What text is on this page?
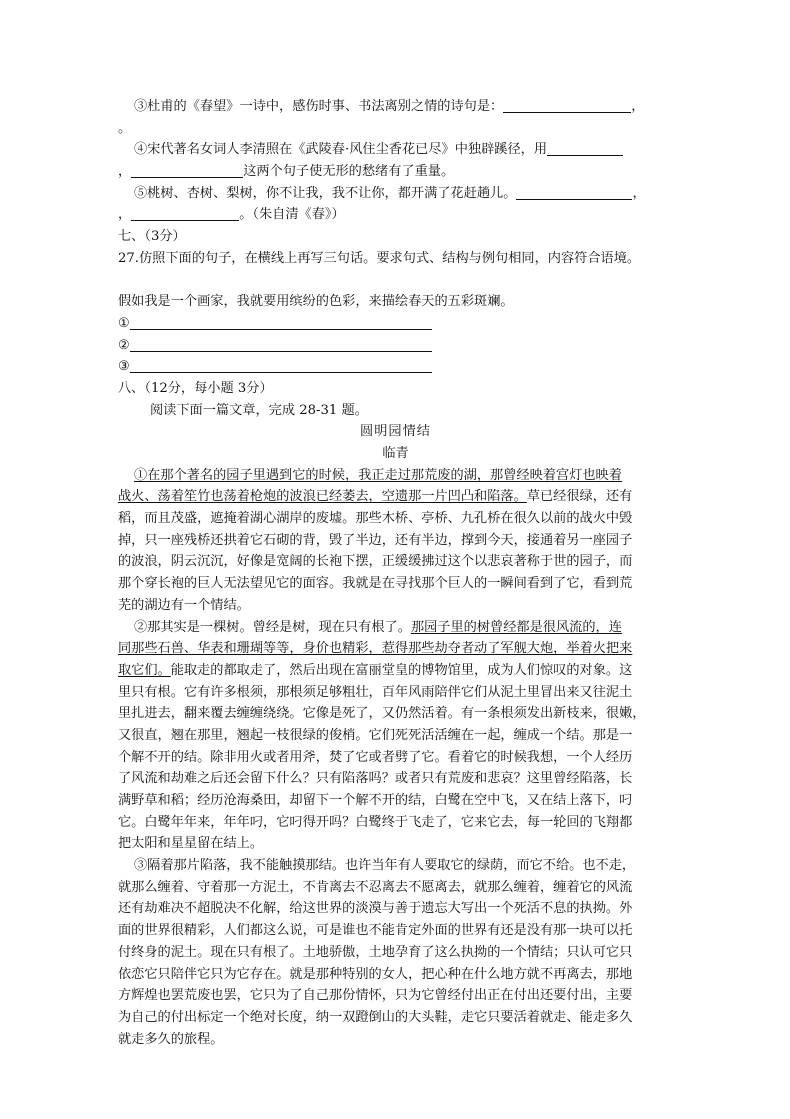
③杜甫的《春望》一诗中，感伤时事、书法离别之情的诗句是：	，
。
④宋代著名女词人李清照在《武陵春·风住尘香花已尽》中独辟蹊径，用
，	这两个句子使无形的愁绪有了重量。
⑤桃树、杏树、梨树，你不让我，我不让你，都开满了花赶趟儿。	，
，	。（朱自清《春》）
七、（3分）
27.仿照下面的句子，在横线上再写三句话。要求句式、结构与例句相同，内容符合语境。
假如我是一个画家，我就要用缤纷的色彩，来描绘春天的五彩斑斓。
①
②
③
八、（12分，每小题 3分）
阅读下面一篇文章，完成 28-31 题。
圆明园情结
临青
①在那个著名的园子里遇到它的时候，我正走过那荒废的湖，那曾经映着宫灯也映着
战火、荡着笙竹也荡着枪炮的波浪已经萎去，空遗那一片凹凸和陷落。草已经很绿，还有
稻，而且茂盛，遮掩着湖心湖岸的废墟。那些木桥、亭桥、九孔桥在很久以前的战火中毁
掉，只一座残桥还拱着它石砌的背，毁了半边，还有半边，撑到今天，接通着另一座园子
的波浪，阴云沉沉，好像是宽阔的长袍下摆，正缓缓拂过这个以悲哀著称于世的园子，而
那个穿长袍的巨人无法望见它的面容。我就是在寻找那个巨人的一瞬间看到了它，看到荒
芜的湖边有一个情结。
②那其实是一棵树。曾经是树，现在只有根了。那园子里的树曾经都是很风流的，连
同那些石兽、华表和珊瑚等等，身价也精彩，惹得那些劫夺者动了军舰大炮，举着火把来
取它们。能取走的都取走了，然后出现在富丽堂皇的博物馆里，成为人们惊叹的对象。这
里只有根。它有许多根须，那根须足够粗壮，百年风雨陪伴它们从泥土里冒出来又往泥土
里扎进去，翻来覆去缠缠绕绕。它像是死了，又仍然活着。有一条根须发出新枝来，很嫩，
又很直，翘在那里，翘起一枝很绿的俊梢。它们死死活活缠在一起，缠成一个结。那是一
个解不开的结。除非用火或者用斧，焚了它或者劈了它。看着它的时候我想，一个人经历
了风流和劫难之后还会留下什么？只有陷落吗？或者只有荒废和悲哀？这里曾经陷落，长
满野草和稻；经历沧海桑田，却留下一个解不开的结，白鹭在空中飞，又在结上落下，叼
它。白鹭年年来，年年叼，它叼得开吗？白鹭终于飞走了，它来它去，每一轮回的飞翔都
把太阳和星星留在结上。
③隔着那片陷落，我不能触摸那结。也许当年有人要取它的绿荫，而它不给。也不走，
就那么缠着、守着那一方泥土，不肯离去不忍离去不愿离去，就那么缠着，缠着它的风流
还有劫难决不超脱决不化解，给这世界的淡漠与善于遗忘大写出一个死活不息的执拗。外
面的世界很精彩，人们都这么说，可是谁也不能肯定外面的世界有还是没有那一块可以托
付终身的泥土。现在只有根了。土地骄傲，土地孕育了这么执拗的一个情结；只认可它只
依恋它只陪伴它只为它存在。就是那种特别的女人，把心种在什么地方就不再离去，那地
方辉煌也罢荒废也罢，它只为了自己那份情怀，只为它曾经付出正在付出还要付出，主要
为自己的付出标定一个绝对长度，纳一双蹬倒山的大头鞋，走它只要活着就走、能走多久
就走多久的旅程。
